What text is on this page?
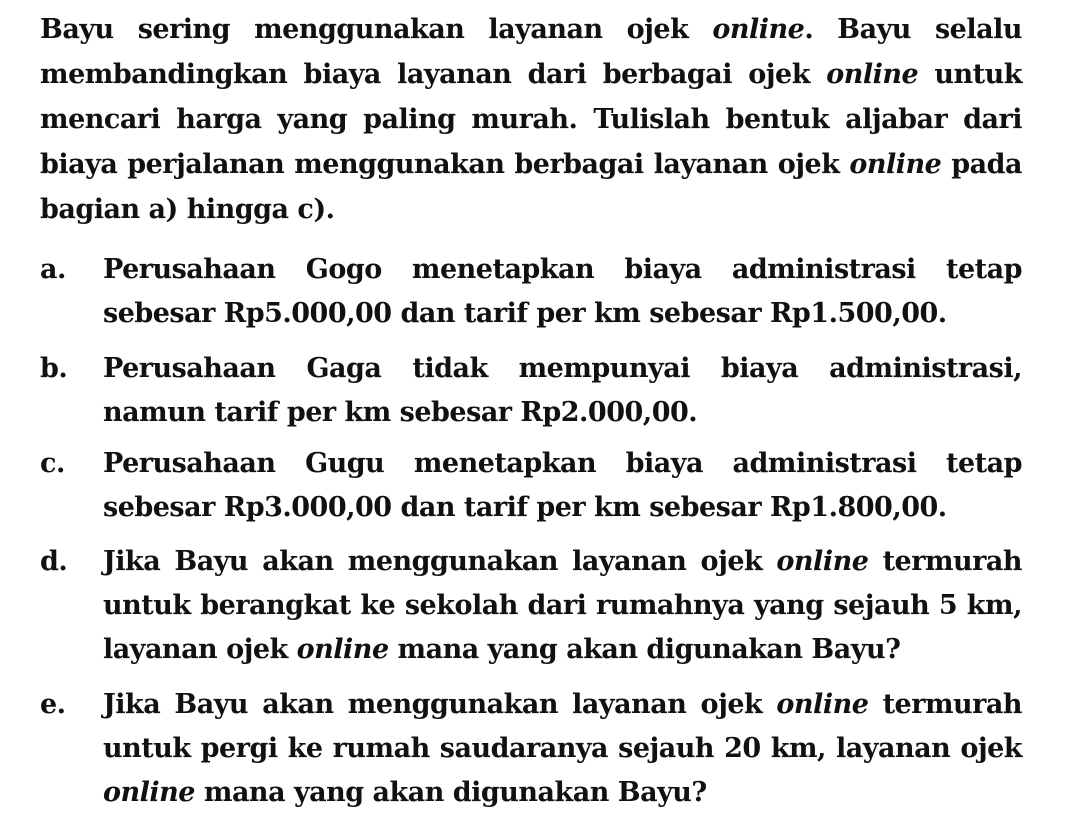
Bayu sering menggunakan layanan ojek online. Bayu selalu membandingkan biaya layanan dari berbagai ojek online untuk mencari harga yang paling murah. Tulislah bentuk aljabar dari biaya perjalanan menggunakan berbagai layanan ojek online pada bagian a) hingga c).

a.	Perusahaan Gogo menetapkan biaya administrasi tetap sebesar Rp5.000,00 dan tarif per km sebesar Rp1.500,00.
b.	Perusahaan Gaga tidak mempunyai biaya administrasi, namun tarif per km sebesar Rp2.000,00.
c.	Perusahaan Gugu menetapkan biaya administrasi tetap sebesar Rp3.000,00 dan tarif per km sebesar Rp1.800,00.
d.	Jika Bayu akan menggunakan layanan ojek online termurah untuk berangkat ke sekolah dari rumahnya yang sejauh 5 km, layanan ojek online mana yang akan digunakan Bayu?
e.	Jika Bayu akan menggunakan layanan ojek online termurah untuk pergi ke rumah saudaranya sejauh 20 km, layanan ojek online mana yang akan digunakan Bayu?
